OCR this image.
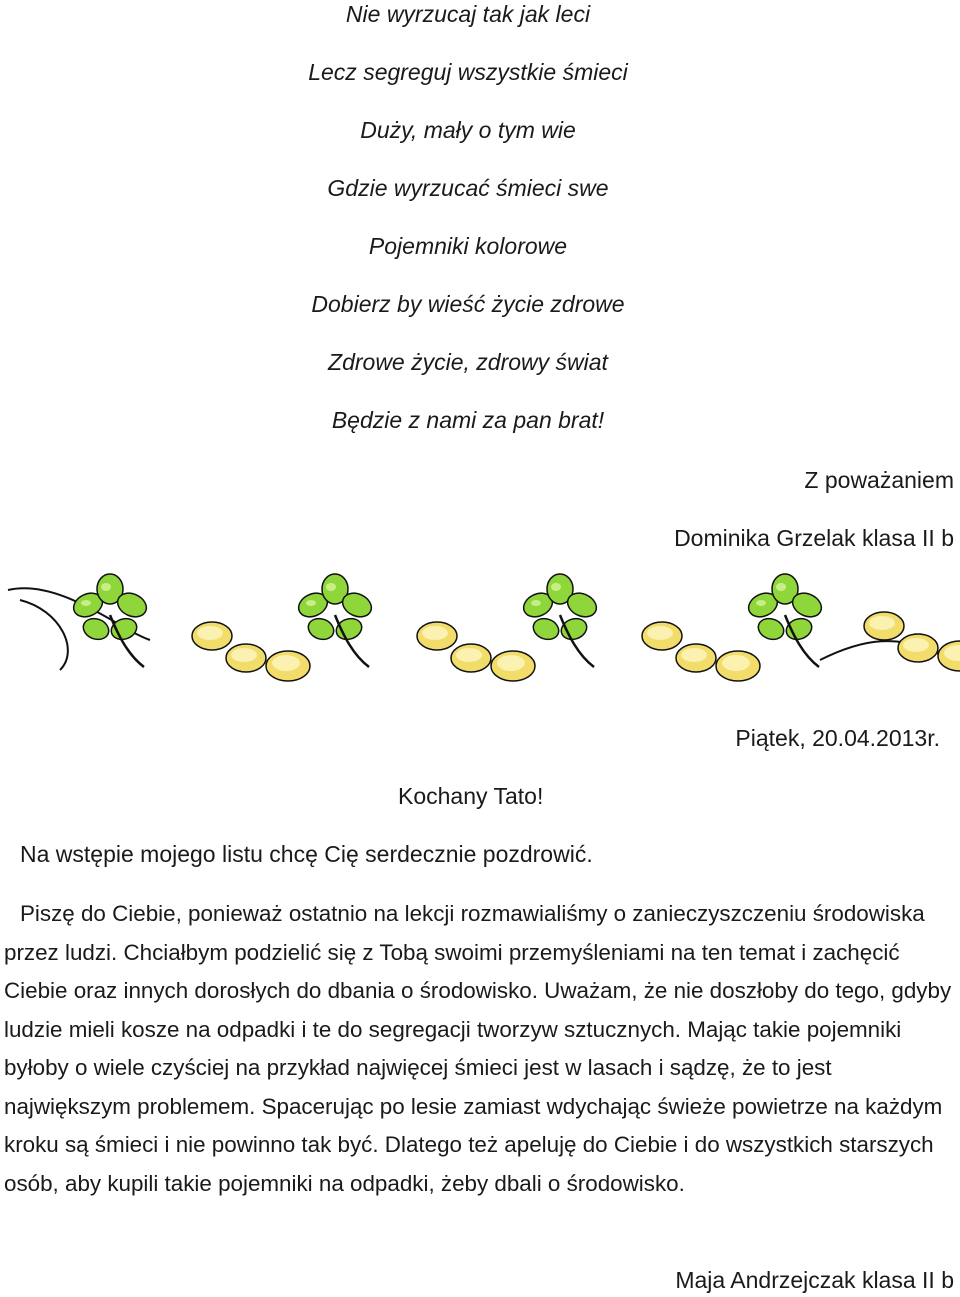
Nie wyrzucaj tak jak leci
Lecz segreguj wszystkie śmieci
Duży, mały o tym wie
Gdzie wyrzucać śmieci swe
Pojemniki kolorowe
Dobierz by wieść życie zdrowe
Zdrowe życie, zdrowy świat
Będzie z nami za pan brat!
Z poważaniem
Dominika Grzelak klasa II b
Piątek, 20.04.2013r.
Kochany Tato!
Na wstępie mojego listu chcę Cię serdecznie pozdrowić.

Piszę do Ciebie, ponieważ ostatnio na lekcji rozmawialiśmy o zanieczyszczeniu środowiska przez ludzi. Chciałbym podzielić się z Tobą swoimi przemyśleniami na ten temat i zachęcić Ciebie oraz innych dorosłych do dbania o środowisko. Uważam, że nie doszłoby do tego, gdyby ludzie mieli kosze na odpadki i te do segregacji tworzyw sztucznych. Mając takie pojemniki byłoby o wiele czyściej na przykład najwięcej śmieci jest w lasach i sądzę, że to jest największym problemem. Spacerując po lesie zamiast wdychając świeże powietrze na każdym kroku są śmieci i nie powinno tak być. Dlatego też apeluję do Ciebie i do wszystkich starszych osób, aby kupili takie pojemniki na odpadki, żeby dbali o środowisko.

Maja Andrzejczak klasa II b
